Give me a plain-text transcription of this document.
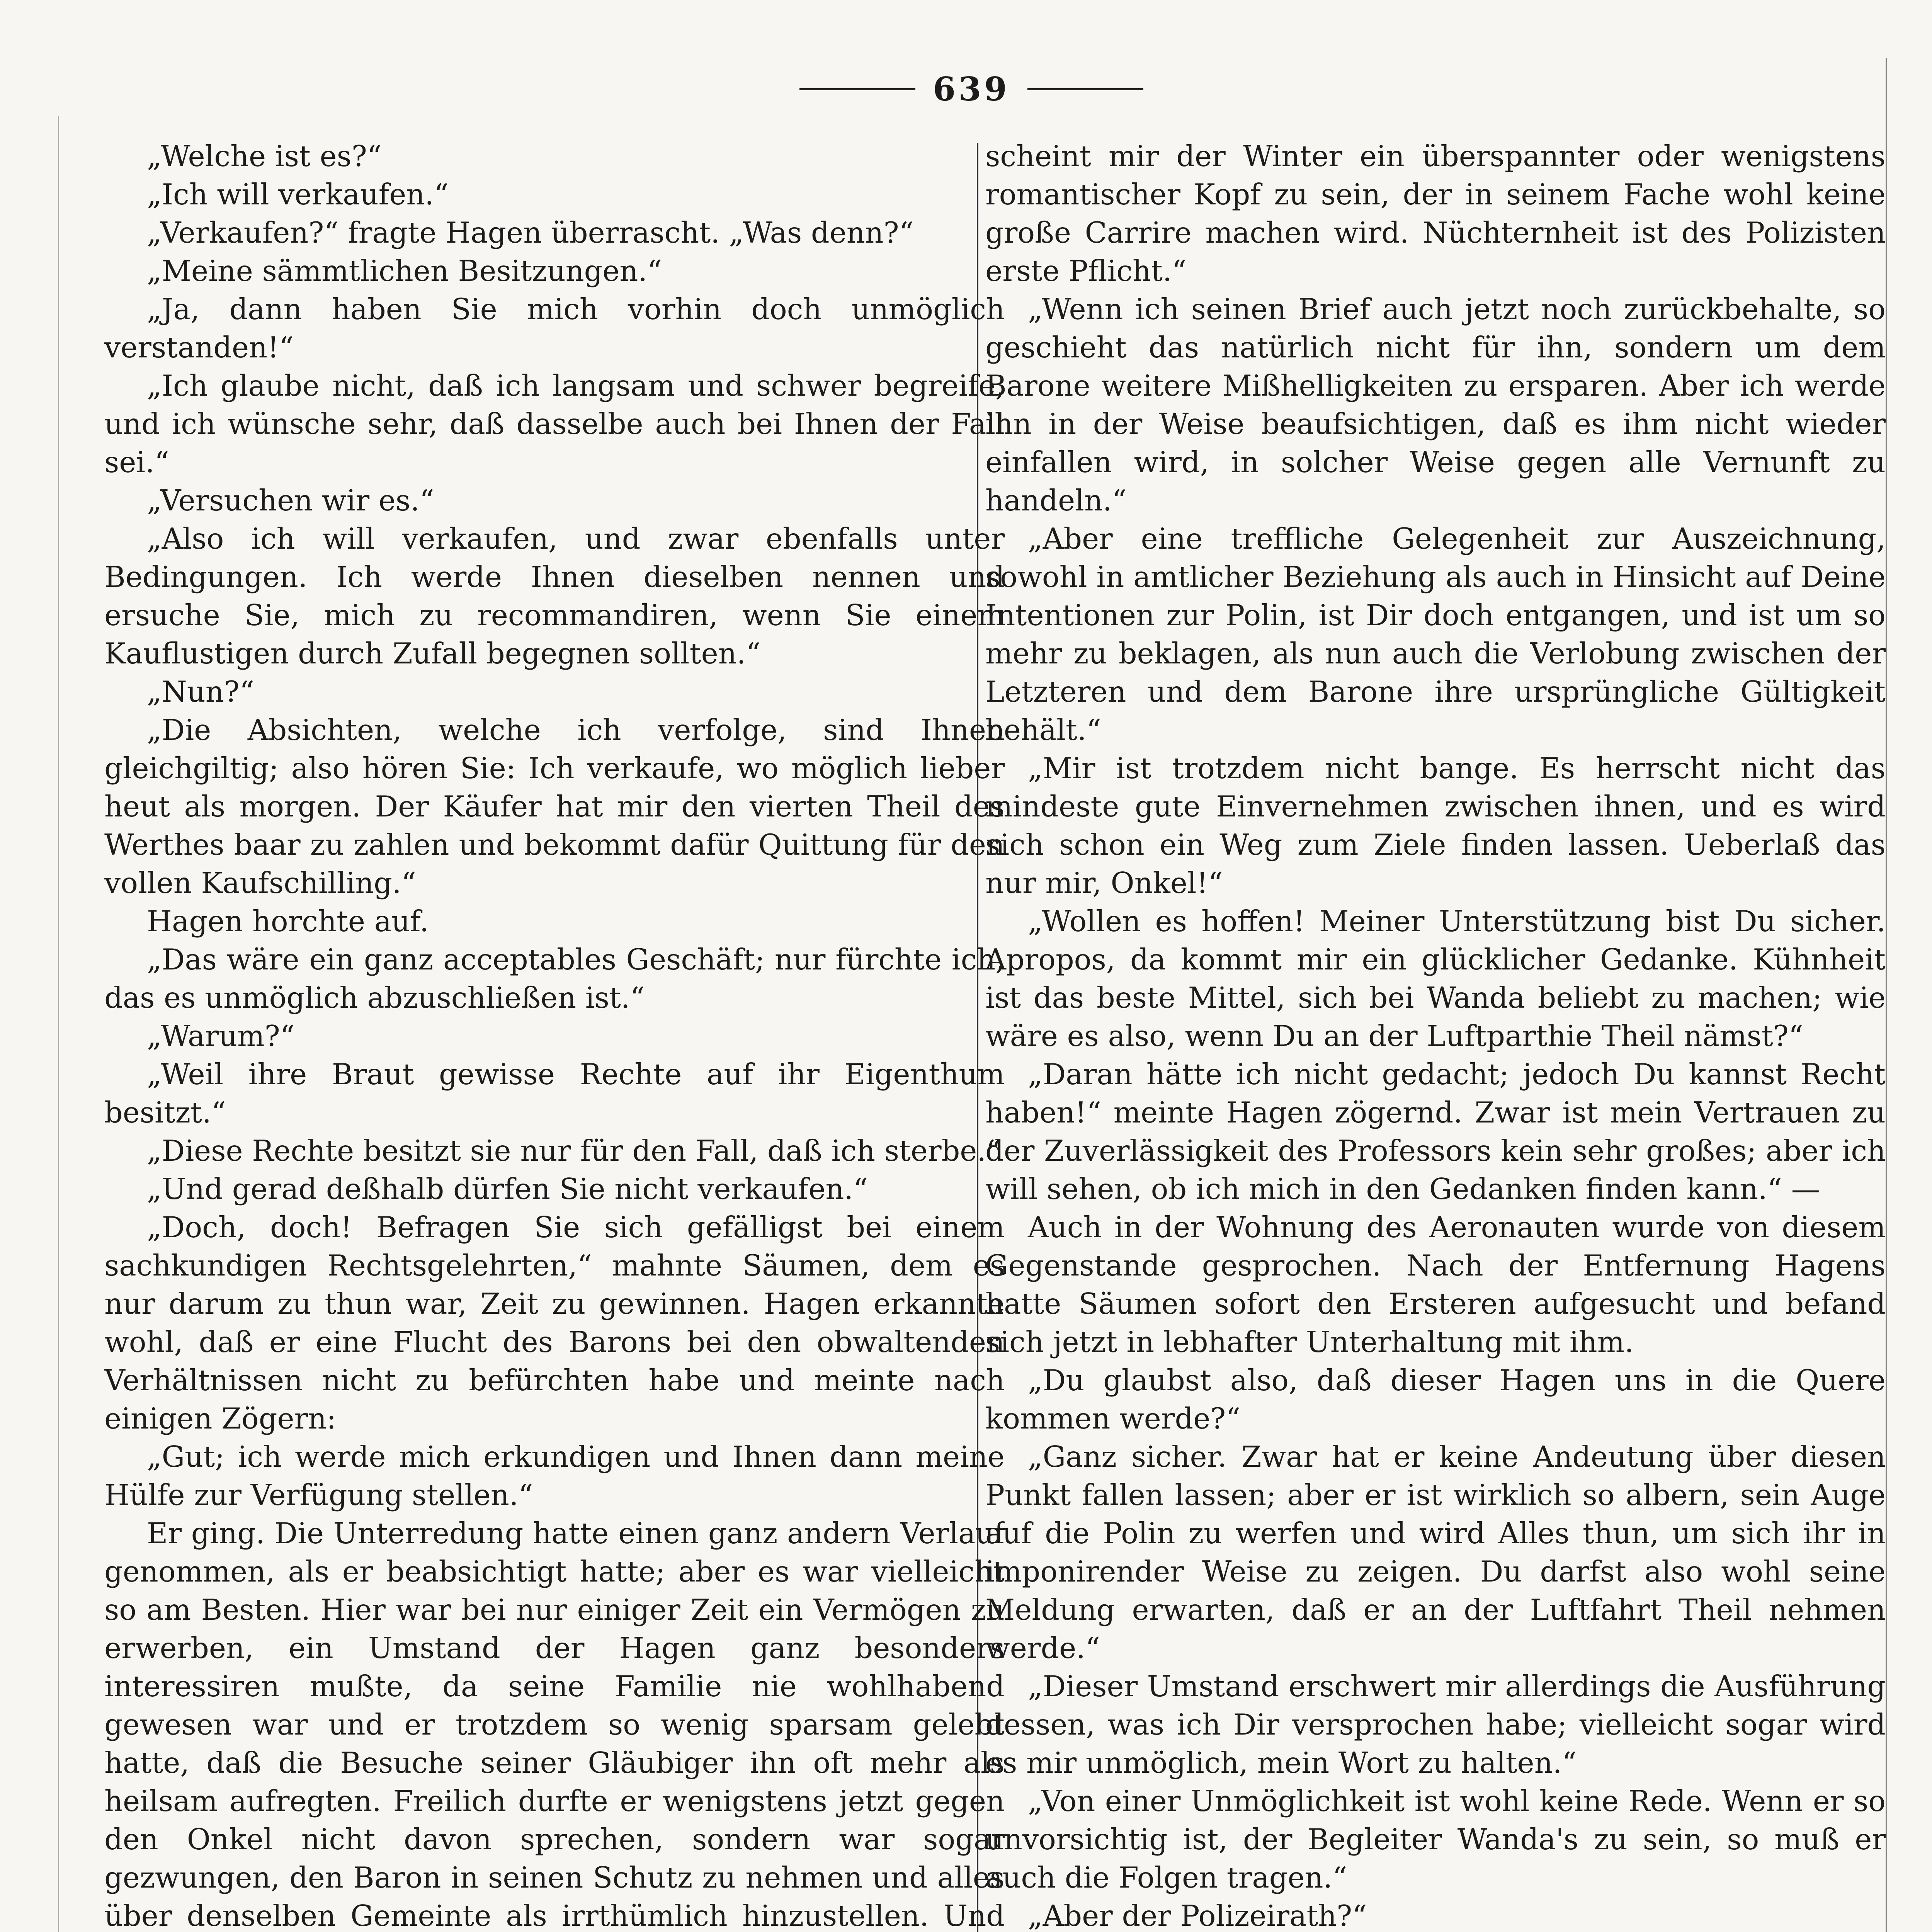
639

„Welche ist es?“

„Ich will verkaufen.“

„Verkaufen?“ fragte Hagen überrascht. „Was denn?“

„Meine sämmtlichen Besitzungen.“

„Ja, dann haben Sie mich vorhin doch unmöglich verstanden!“

„Ich glaube nicht, daß ich langsam und schwer begreife, und ich wünsche sehr, daß dasselbe auch bei Ihnen der Fall sei.“

„Versuchen wir es.“

„Also ich will verkaufen, und zwar ebenfalls unter Bedingungen. Ich werde Ihnen dieselben nennen und ersuche Sie, mich zu recommandiren, wenn Sie einem Kauflustigen durch Zufall begegnen sollten.“

„Nun?“

„Die Absichten, welche ich verfolge, sind Ihnen gleichgiltig; also hören Sie: Ich verkaufe, wo möglich lieber heut als morgen. Der Käufer hat mir den vierten Theil des Werthes baar zu zahlen und bekommt dafür Quittung für den vollen Kaufschilling.“

Hagen horchte auf.

„Das wäre ein ganz acceptables Geschäft; nur fürchte ich, das es unmöglich abzuschließen ist.“

„Warum?“

„Weil ihre Braut gewisse Rechte auf ihr Eigenthum besitzt.“

„Diese Rechte besitzt sie nur für den Fall, daß ich sterbe.“

„Und gerad deßhalb dürfen Sie nicht verkaufen.“

„Doch, doch! Befragen Sie sich gefälligst bei einem sachkundigen Rechtsgelehrten,“ mahnte Säumen, dem es nur darum zu thun war, Zeit zu gewinnen. Hagen erkannte wohl, daß er eine Flucht des Barons bei den obwaltenden Verhältnissen nicht zu befürchten habe und meinte nach einigen Zögern:

„Gut; ich werde mich erkundigen und Ihnen dann meine Hülfe zur Verfügung stellen.“

Er ging. Die Unterredung hatte einen ganz andern Verlauf genommen, als er beabsichtigt hatte; aber es war vielleicht so am Besten. Hier war bei nur einiger Zeit ein Vermögen zu erwerben, ein Umstand der Hagen ganz besonders interessiren mußte, da seine Familie nie wohlhabend gewesen war und er trotzdem so wenig sparsam gelebt hatte, daß die Besuche seiner Gläubiger ihn oft mehr als heilsam aufregten. Freilich durfte er wenigstens jetzt gegen den Onkel nicht davon sprechen, sondern war sogar gezwungen, den Baron in seinen Schutz zu nehmen und alles über denselben Gemeinte als irrthümlich hinzustellen. Und

scheint mir der Winter ein überspannter oder wenigstens romantischer Kopf zu sein, der in seinem Fache wohl keine große Carrire machen wird. Nüchternheit ist des Polizisten erste Pflicht.“

„Wenn ich seinen Brief auch jetzt noch zurückbehalte, so geschieht das natürlich nicht für ihn, sondern um dem Barone weitere Mißhelligkeiten zu ersparen. Aber ich werde ihn in der Weise beaufsichtigen, daß es ihm nicht wieder einfallen wird, in solcher Weise gegen alle Vernunft zu handeln.“

„Aber eine treffliche Gelegenheit zur Auszeichnung, sowohl in amtlicher Beziehung als auch in Hinsicht auf Deine Intentionen zur Polin, ist Dir doch entgangen, und ist um so mehr zu beklagen, als nun auch die Verlobung zwischen der Letzteren und dem Barone ihre ursprüngliche Gültigkeit behält.“

„Mir ist trotzdem nicht bange. Es herrscht nicht das mindeste gute Einvernehmen zwischen ihnen, und es wird sich schon ein Weg zum Ziele finden lassen. Ueberlaß das nur mir, Onkel!“

„Wollen es hoffen! Meiner Unterstützung bist Du sicher. Apropos, da kommt mir ein glücklicher Gedanke. Kühnheit ist das beste Mittel, sich bei Wanda beliebt zu machen; wie wäre es also, wenn Du an der Luftparthie Theil nämst?“

„Daran hätte ich nicht gedacht; jedoch Du kannst Recht haben!“ meinte Hagen zögernd. Zwar ist mein Vertrauen zu der Zuverlässigkeit des Professors kein sehr großes; aber ich will sehen, ob ich mich in den Gedanken finden kann.“ —

Auch in der Wohnung des Aeronauten wurde von diesem Gegenstande gesprochen. Nach der Entfernung Hagens hatte Säumen sofort den Ersteren aufgesucht und befand sich jetzt in lebhafter Unterhaltung mit ihm.

„Du glaubst also, daß dieser Hagen uns in die Quere kommen werde?“

„Ganz sicher. Zwar hat er keine Andeutung über diesen Punkt fallen lassen; aber er ist wirklich so albern, sein Auge auf die Polin zu werfen und wird Alles thun, um sich ihr in imponirender Weise zu zeigen. Du darfst also wohl seine Meldung erwarten, daß er an der Luftfahrt Theil nehmen werde.“

„Dieser Umstand erschwert mir allerdings die Ausführung dessen, was ich Dir versprochen habe; vielleicht sogar wird es mir unmöglich, mein Wort zu halten.“

„Von einer Unmöglichkeit ist wohl keine Rede. Wenn er so unvorsichtig ist, der Begleiter Wanda's zu sein, so muß er auch die Folgen tragen.“

„Aber der Polizeirath?“
